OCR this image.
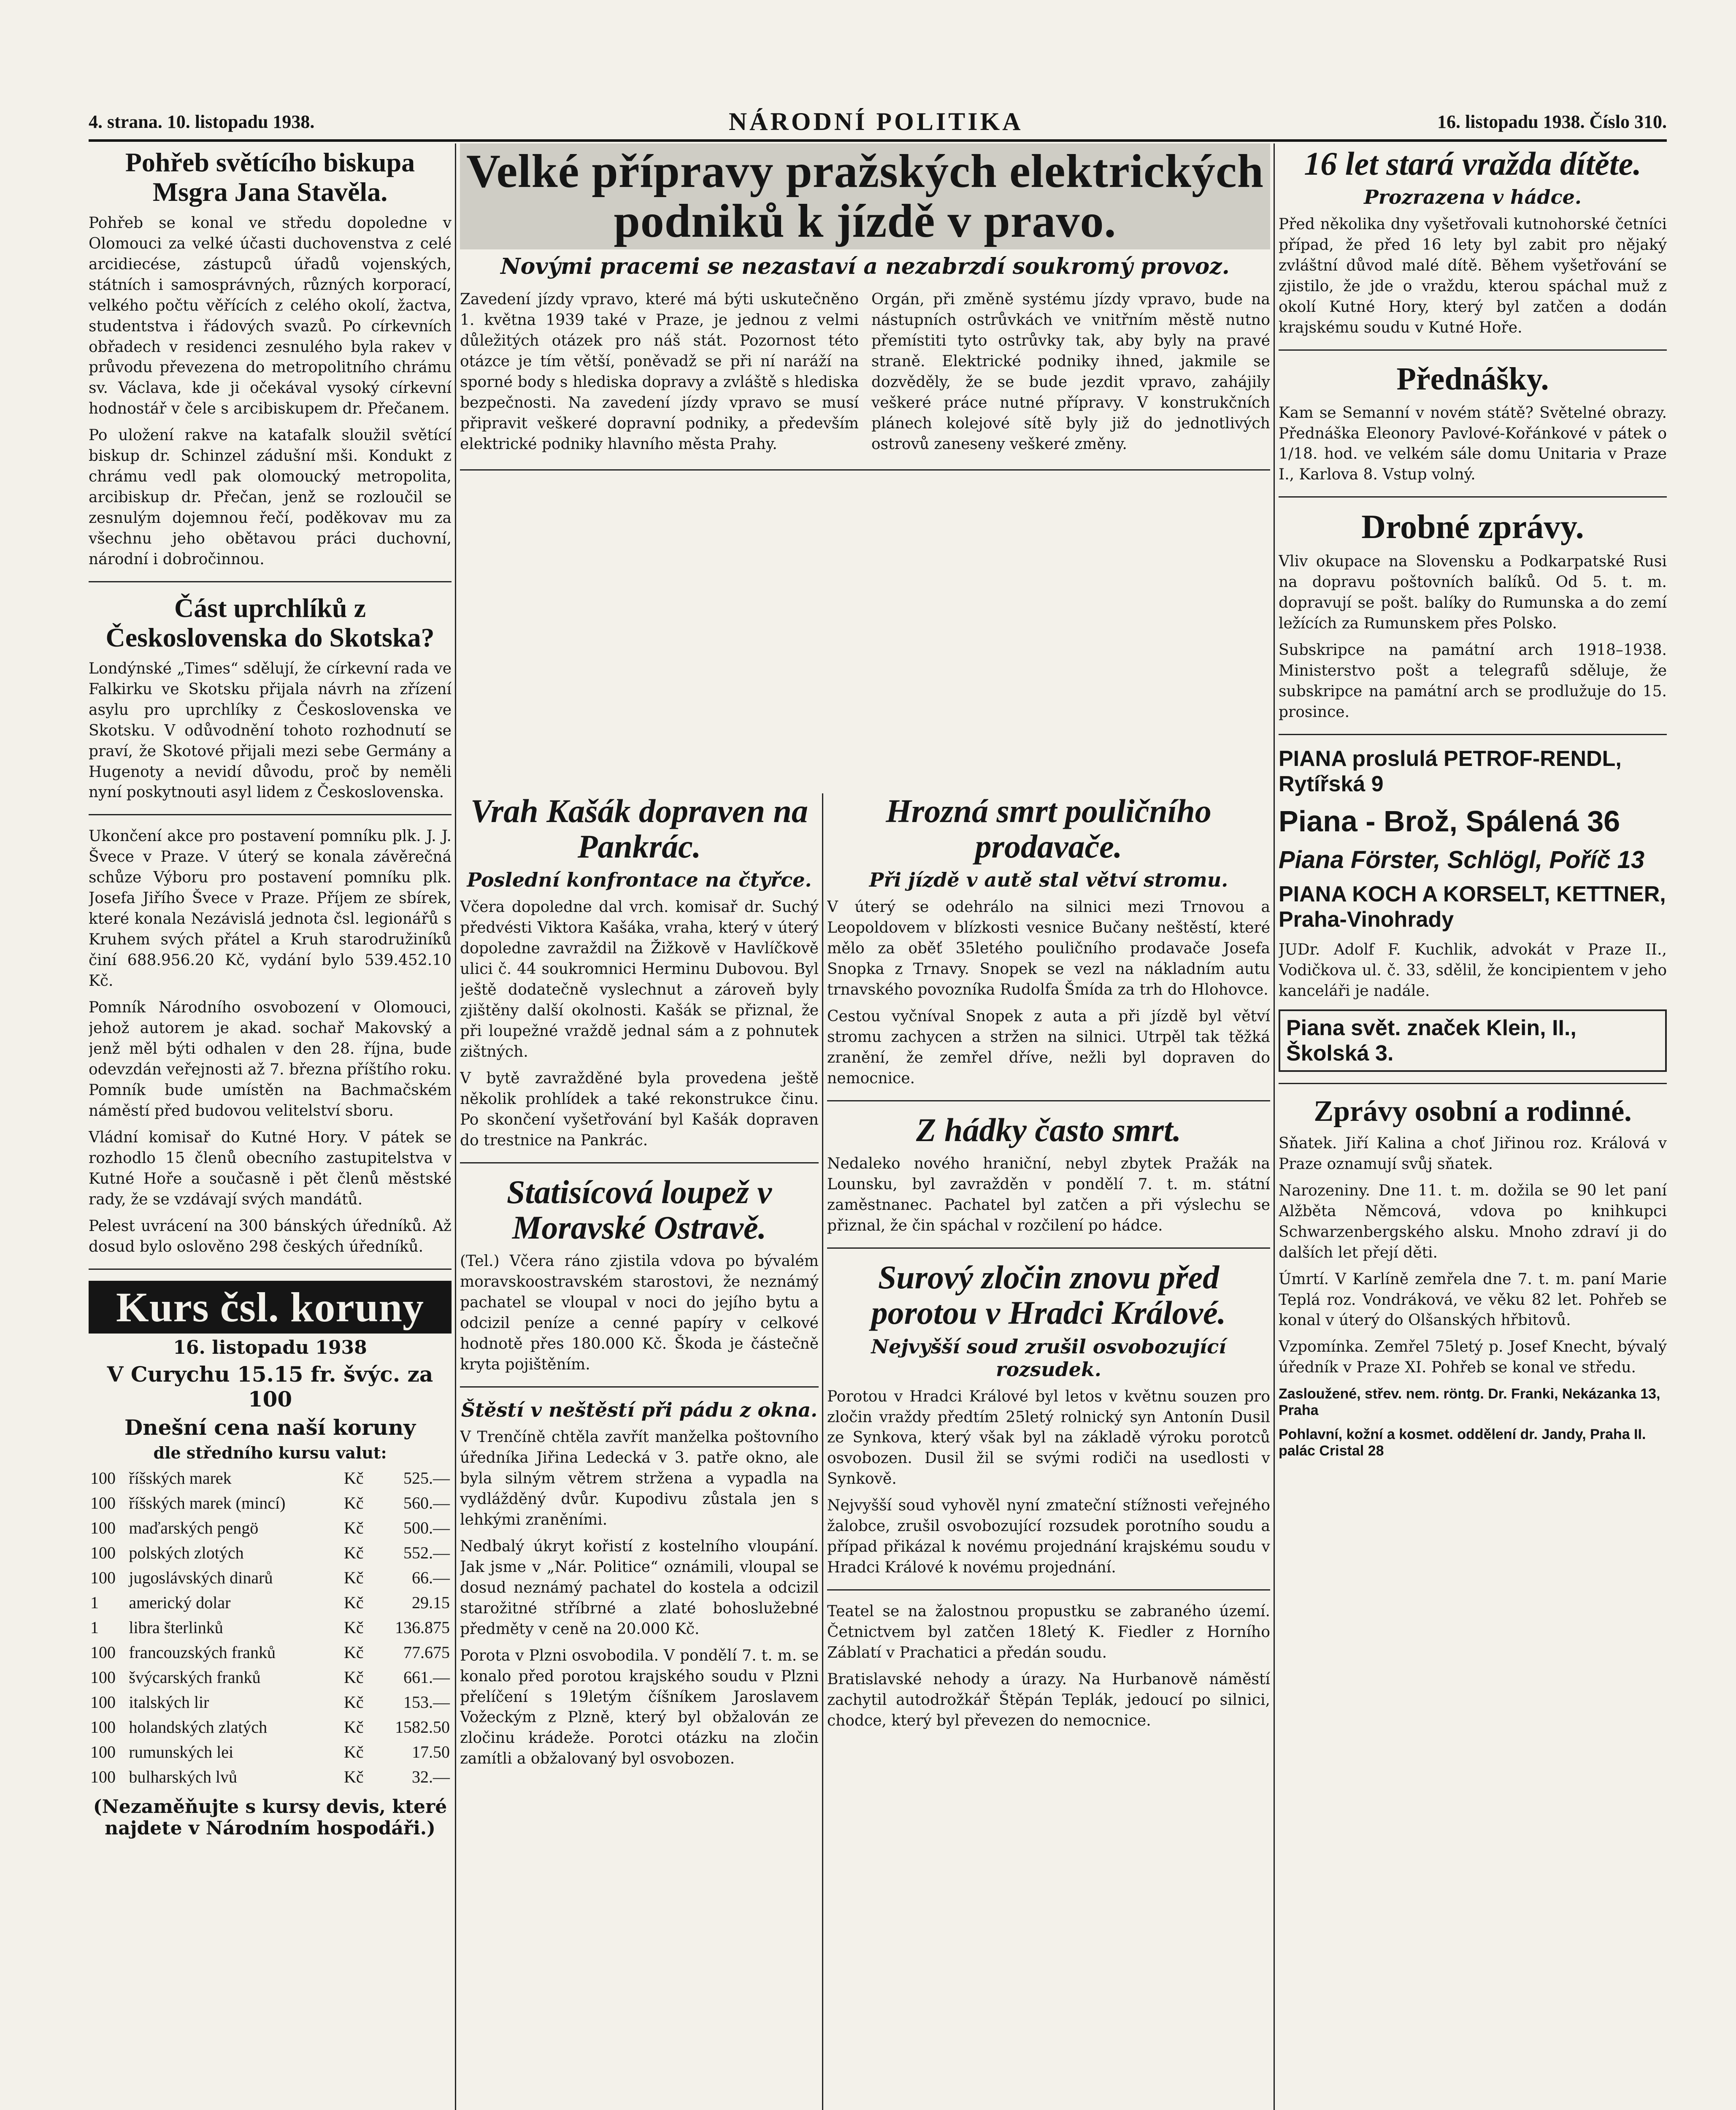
4. strana. 10. listopadu 1938.	NÁRODNÍ POLITIKA	16. listopadu 1938. Číslo 310.
Pohřeb světícího biskupa Msgra Jana Stavěla.

Pohřeb se konal ve středu dopoledne v Olomouci za velké účasti duchovenstva z celé arcidiecése, zástupců úřadů vojenských, státních i samosprávných, různých korporací, velkého počtu věřících z celého okolí, žactva, studentstva i řádových svazů. Po církevních obřadech v residenci zesnulého byla rakev v průvodu převezena do metropolitního chrámu sv. Václava, kde ji očekával vysoký církevní hodnostář v čele s arcibiskupem dr. Přečanem.

Po uložení rakve na katafalk sloužil světící biskup dr. Schinzel zádušní mši. Kondukt z chrámu vedl pak olomoucký metropolita, arcibiskup dr. Přečan, jenž se rozloučil se zesnulým dojemnou řečí, poděkovav mu za všechnu jeho obětavou práci duchovní, národní i dobročinnou.

Část uprchlíků z Československa do Skotska?

Londýnské „Times“ sdělují, že církevní rada ve Falkirku ve Skotsku přijala návrh na zřízení asylu pro uprchlíky z Československa ve Skotsku. V odůvodnění tohoto rozhodnutí se praví, že Skotové přijali mezi sebe Germány a Hugenoty a nevidí důvodu, proč by neměli nyní poskytnouti asyl lidem z Československa.

Ukončení akce pro postavení pomníku plk. J. J. Švece v Praze. V úterý se konala závěrečná schůze Výboru pro postavení pomníku plk. Josefa Jiřího Švece v Praze. Příjem ze sbírek, které konala Nezávislá jednota čsl. legionářů s Kruhem svých přátel a Kruh starodružiníků činí 688.956.20 Kč, vydání bylo 539.452.10 Kč.

Pomník Národního osvobození v Olomouci, jehož autorem je akad. sochař Makovský a jenž měl býti odhalen v den 28. října, bude odevzdán veřejnosti až 7. března příštího roku. Pomník bude umístěn na Bachmačském náměstí před budovou velitelství sboru.

Vládní komisař do Kutné Hory. V pátek se rozhodlo 15 členů obecního zastupitelstva v Kutné Hoře a současně i pět členů městské rady, že se vzdávají svých mandátů.

Pelest uvrácení na 300 bánských úředníků. Až dosud bylo oslověno 298 českých úředníků.

Kurs čsl. koruny
16. listopadu 1938
V Curychu 15.15 fr. švýc. za 100
Dnešní cena naší koruny
dle středního kursu valut:
100	říšských marek	Kč	525.—
100	říšských marek (mincí)	Kč	560.—
100	maďarských pengö	Kč	500.—
100	polských zlotých	Kč	552.—
100	jugoslávských dinarů	Kč	66.—
1	americký dolar	Kč	29.15
1	libra šterlinků	Kč	136.875
100	francouzských franků	Kč	77.675
100	švýcarských franků	Kč	661.—
100	italských lir	Kč	153.—
100	holandských zlatých	Kč	1582.50
100	rumunských lei	Kč	17.50
100	bulharských lvů	Kč	32.—
(Nezaměňujte s kursy devis, které najdete v Národním hospodáři.)
Velké přípravy pražských elektrických podniků k jízdě v pravo.
Novými pracemi se nezastaví a nezabrzdí soukromý provoz.

Zavedení jízdy vpravo, které má býti uskutečněno 1. května 1939 také v Praze, je jednou z velmi důležitých otázek pro náš stát. Pozornost této otázce je tím větší, poněvadž se při ní naráží na sporné body s hlediska dopravy a zvláště s hlediska bezpečnosti. Na zavedení jízdy vpravo se musí připravit veškeré dopravní podniky, a především elektrické podniky hlavního města Prahy.

Orgán, při změně systému jízdy vpravo, bude na nástupních ostrůvkách ve vnitřním městě nutno přemístiti tyto ostrůvky tak, aby byly na pravé straně. Elektrické podniky ihned, jakmile se dozvěděly, že se bude jezdit vpravo, zahájily veškeré práce nutné přípravy. V konstrukčních plánech kolejové sítě byly již do jednotlivých ostrovů zaneseny veškeré změny.

Vrah Kašák dopraven na Pankrác.
Poslední konfrontace na čtyřce.

Včera dopoledne dal vrch. komisař dr. Suchý předvésti Viktora Kašáka, vraha, který v úterý dopoledne zavraždil na Žižkově v Havlíčkově ulici č. 44 soukromnici Herminu Dubovou. Byl ještě dodatečně vyslechnut a zároveň byly zjištěny další okolnosti. Kašák se přiznal, že při loupežné vraždě jednal sám a z pohnutek zištných.

V bytě zavražděné byla provedena ještě několik prohlídek a také rekonstrukce činu. Po skončení vyšetřování byl Kašák dopraven do trestnice na Pankrác.

Statisícová loupež v Moravské Ostravě.

(Tel.) Včera ráno zjistila vdova po bývalém moravskoostravském starostovi, že neznámý pachatel se vloupal v noci do jejího bytu a odcizil peníze a cenné papíry v celkové hodnotě přes 180.000 Kč. Škoda je částečně kryta pojištěním.

Štěstí v neštěstí při pádu z okna.

V Trenčíně chtěla zavřít manželka poštovního úředníka Jiřina Ledecká v 3. patře okno, ale byla silným větrem stržena a vypadla na vydlážděný dvůr. Kupodivu zůstala jen s lehkými zraněními.

Nedbalý úkryt kořistí z kostelního vloupání. Jak jsme v „Nár. Politice“ oznámili, vloupal se dosud neznámý pachatel do kostela a odcizil starožitné stříbrné a zlaté bohoslužebné předměty v ceně na 20.000 Kč.

Porota v Plzni osvobodila. V pondělí 7. t. m. se konalo před porotou krajského soudu v Plzni přelíčení s 19letým číšníkem Jaroslavem Vožeckým z Plzně, který byl obžalován ze zločinu krádeže. Porotci otázku na zločin zamítli a obžalovaný byl osvobozen.

Hrozná smrt pouličního prodavače.
Při jízdě v autě stal větví stromu.

V úterý se odehrálo na silnici mezi Trnovou a Leopoldovem v blízkosti vesnice Bučany neštěstí, které mělo za oběť 35letého pouličního prodavače Josefa Snopka z Trnavy. Snopek se vezl na nákladním autu trnavského povozníka Rudolfa Šmída za trh do Hlohovce.

Cestou vyčníval Snopek z auta a při jízdě byl větví stromu zachycen a stržen na silnici. Utrpěl tak těžká zranění, že zemřel dříve, nežli byl dopraven do nemocnice.

Z hádky často smrt.

Nedaleko nového hraniční, nebyl zbytek Pražák na Lounsku, byl zavražděn v pondělí 7. t. m. státní zaměstnanec. Pachatel byl zatčen a při výslechu se přiznal, že čin spáchal v rozčilení po hádce.

Surový zločin znovu před porotou v Hradci Králové.
Nejvyšší soud zrušil osvobozující rozsudek.

Porotou v Hradci Králové byl letos v květnu souzen pro zločin vraždy předtím 25letý rolnický syn Antonín Dusil ze Synkova, který však byl na základě výroku porotců osvobozen. Dusil žil se svými rodiči na usedlosti v Synkově.

Nejvyšší soud vyhověl nyní zmateční stížnosti veřejného žalobce, zrušil osvobozující rozsudek porotního soudu a případ přikázal k novému projednání krajskému soudu v Hradci Králové k novému projednání.

Teatel se na žalostnou propustku se zabraného území. Četnictvem byl zatčen 18letý K. Fiedler z Horního Záblatí v Prachatici a předán soudu.

Bratislavské nehody a úrazy. Na Hurbanově náměstí zachytil autodrožkář Štěpán Teplák, jedoucí po silnici, chodce, který byl převezen do nemocnice.

16 let stará vražda dítěte.
Prozrazena v hádce.

Před několika dny vyšetřovali kutnohorské četníci případ, že před 16 lety byl zabit pro nějaký zvláštní důvod malé dítě. Během vyšetřování se zjistilo, že jde o vraždu, kterou spáchal muž z okolí Kutné Hory, který byl zatčen a dodán krajskému soudu v Kutné Hoře.

Přednášky.

Kam se Semanní v novém státě? Světelné obrazy. Přednáška Eleonory Pavlové-Kořánkové v pátek o 1/18. hod. ve velkém sále domu Unitaria v Praze I., Karlova 8. Vstup volný.

Drobné zprávy.

Vliv okupace na Slovensku a Podkarpatské Rusi na dopravu poštovních balíků. Od 5. t. m. dopravují se pošt. balíky do Rumunska a do zemí ležících za Rumunskem přes Polsko.

Subskripce na památní arch 1918–1938. Ministerstvo pošt a telegrafů sděluje, že subskripce na památní arch se prodlužuje do 15. prosince.

PIANA proslulá PETROF-RENDL, Rytířská 9
Piana - Brož, Spálená 36
Piana Förster, Schlögl, Poříč 13
PIANA KOCH A KORSELT, KETTNER, Praha-Vinohrady

JUDr. Adolf F. Kuchlik, advokát v Praze II., Vodičkova ul. č. 33, sdělil, že koncipientem v jeho kanceláři je nadále.

Piana svět. značek Klein, II., Školská 3.
Zprávy osobní a rodinné.

Sňatek. Jiří Kalina a choť Jiřinou roz. Králová v Praze oznamují svůj sňatek.

Narozeniny. Dne 11. t. m. dožila se 90 let paní Alžběta Němcová, vdova po knihkupci Schwarzenbergského alsku. Mnoho zdraví ji do dalších let přejí děti.

Úmrtí. V Karlíně zemřela dne 7. t. m. paní Marie Teplá roz. Vondráková, ve věku 82 let. Pohřeb se konal v úterý do Olšanských hřbitovů.

Vzpomínka. Zemřel 75letý p. Josef Knecht, bývalý úředník v Praze XI. Pohřeb se konal ve středu.

Zasloužené, střev. nem. röntg. Dr. Franki, Nekázanka 13, Praha
Pohlavní, kožní a kosmet. oddělení dr. Jandy, Praha II. palác Cristal 28
